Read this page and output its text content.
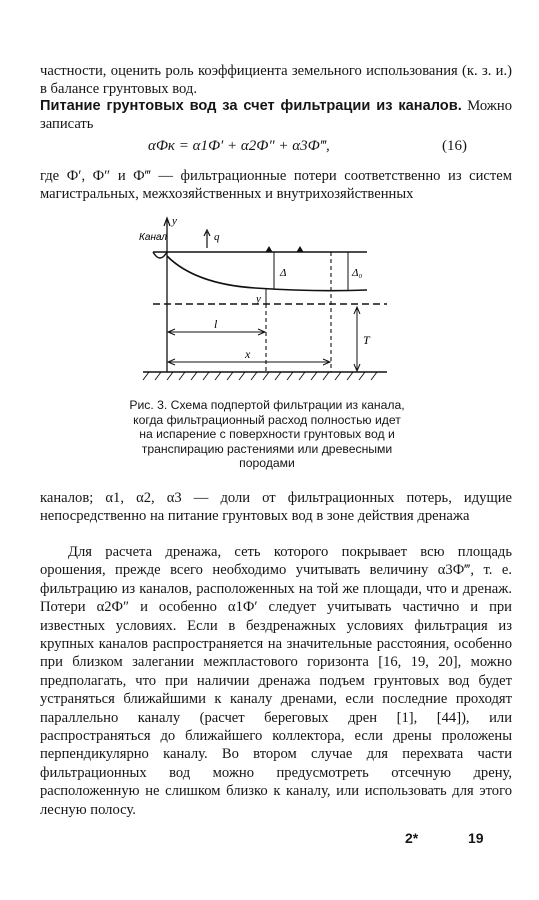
частности, оценить роль коэффициента земельного использования (к. з. и.) в балансе грунтовых вод.

Питание грунтовых вод за счет фильтрации из каналов. Можно записать

αФк = α1Ф′ + α2Ф″ + α3Ф‴,	(16)

где Ф′, Ф″ и Ф‴ — фильтрационные потери соответственно из систем магистральных, межхозяйственных и внутрихозяйственных

y
Канал	q
Δ
y
Δ₀
l
x
T
Рис. 3. Схема подпертой фильтрации из канала, когда фильтрационный расход полностью идет на испарение с поверхности грунтовых вод и транспирацию растениями или древесными породами

каналов; α1, α2, α3 — доли от фильтрационных потерь, идущие непосредственно на питание грунтовых вод в зоне действия дренажа

Для расчета дренажа, сеть которого покрывает всю площадь орошения, прежде всего необходимо учитывать величину α3Ф‴, т. е. фильтрацию из каналов, расположенных на той же площади, что и дренаж. Потери α2Ф″ и особенно α1Ф′ следует учитывать частично и при известных условиях. Если в бездренажных условиях фильтрация из крупных каналов распространяется на значительные расстояния, особенно при близком залегании межпластового горизонта [16, 19, 20], можно предполагать, что при наличии дренажа подъем грунтовых вод будет устраняться ближайшими к каналу дренами, если последние проходят параллельно каналу (расчет береговых дрен [1], [44]), или распространяться до ближайшего коллектора, если дрены проложены перпендикулярно каналу. Во втором случае для перехвата части фильтрационных вод можно предусмотреть отсечную дрену, расположенную не слишком близко к каналу, или использовать для этого лесную полосу.

2*	19
